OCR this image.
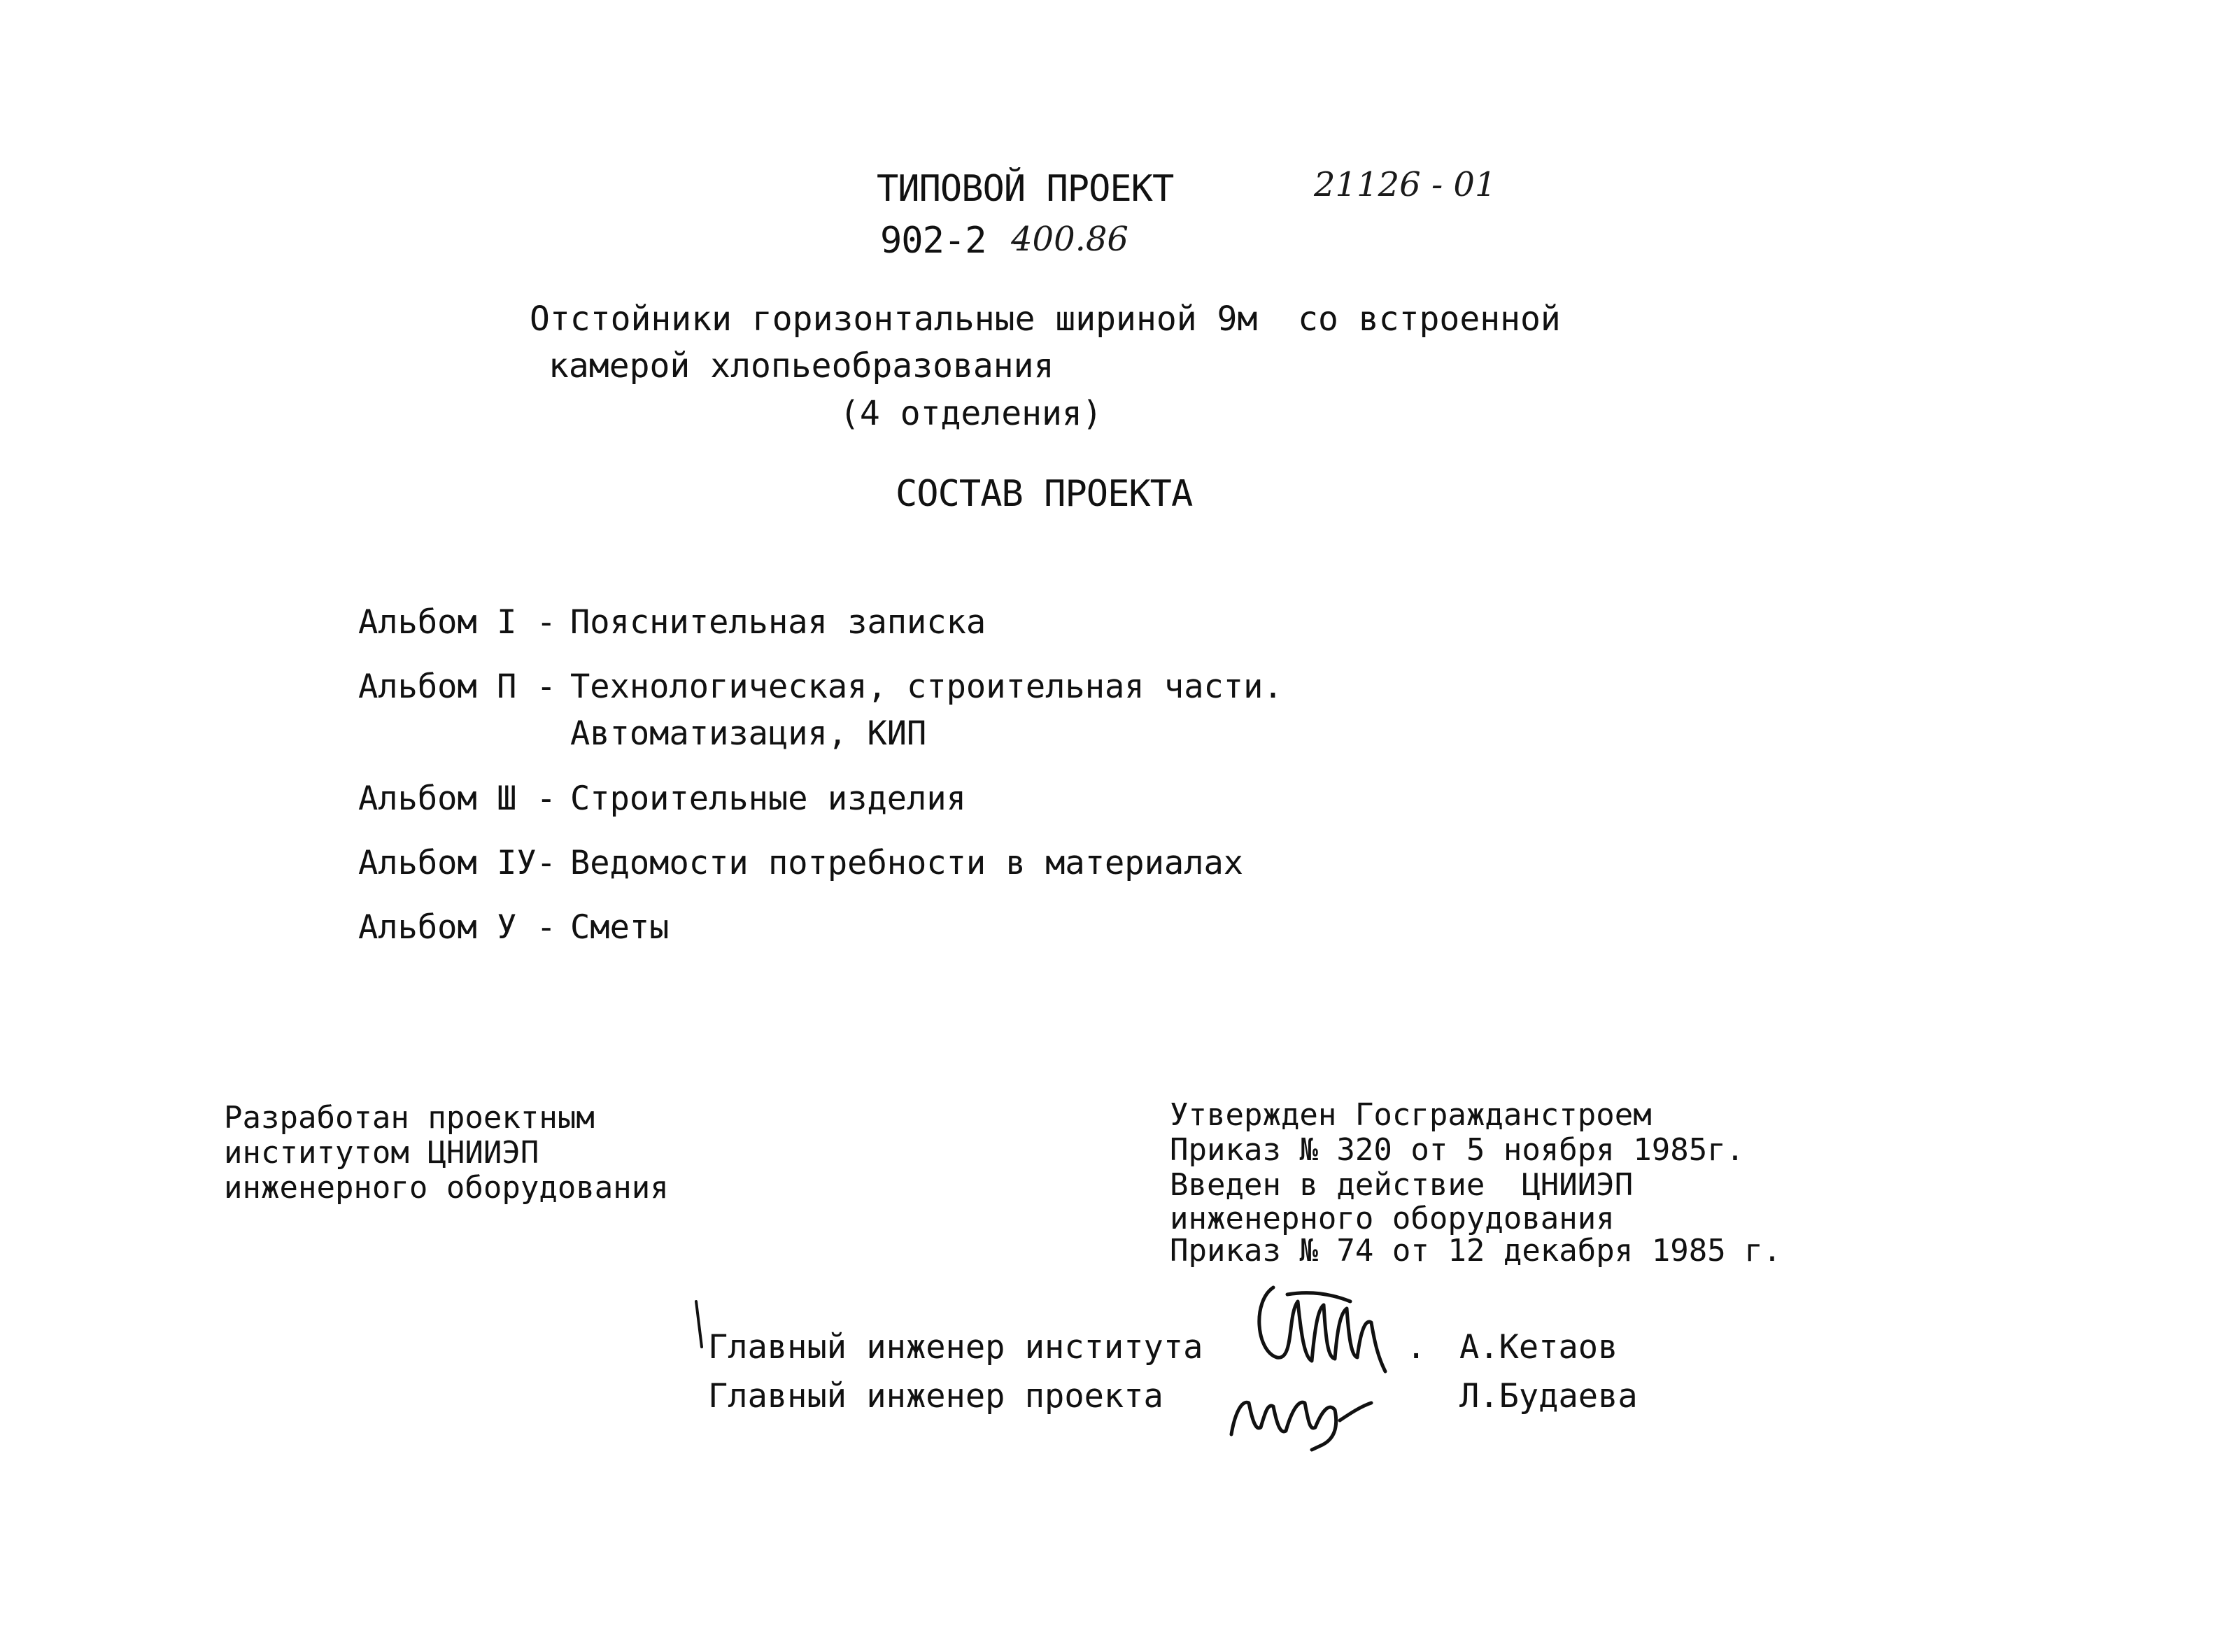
ТИПОВОЙ ПРОЕКТ	21126 - 01
902-2 -
400.86
Отстойники горизонтальные шириной 9м  со встроенной
камерой хлопьеобразования
(4 отделения)
СОСТАВ ПРОЕКТА
Альбом I - Пояснительная записка
Альбом П - Технологическая, строительная части.
Автоматизация, КИП
Альбом Ш - Строительные изделия
Альбом IУ- Ведомости потребности в материалах
Альбом У - Сметы
Разработан проектным
институтом ЦНИИЭП
инженерного оборудования
Утвержден Госгражданстроем
Приказ № 320 от 5 ноября 1985г.
Введен в действие  ЦНИИЭП
инженерного оборудования
Приказ № 74 от 12 декабря 1985 г.
Главный инженер института	. А.Кетаов
Главный инженер проекта	Л.Будаева
